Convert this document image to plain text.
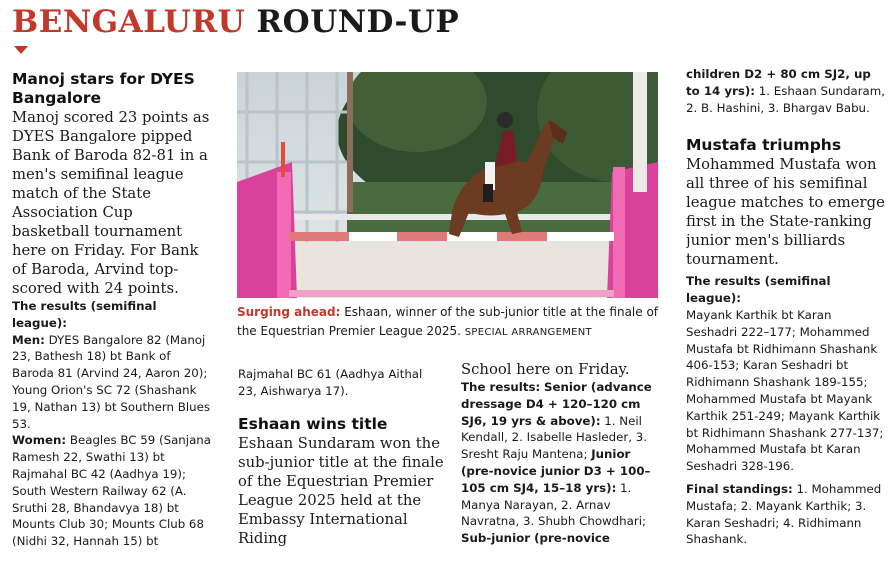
BENGALURU ROUND-UP
Manoj stars for DYES Bangalore
Manoj scored 23 points as DYES Bangalore pipped Bank of Baroda 82-81 in a men's semifinal league match of the State Association Cup basketball tournament here on Friday. For Bank of Baroda, Arvind top-scored with 24 points.
The results (semifinal league):
Men: DYES Bangalore 82 (Manoj 23, Bathesh 18) bt Bank of Baroda 81 (Arvind 24, Aaron 20); Young Orion's SC 72 (Shashank 19, Nathan 13) bt Southern Blues 53.
Women: Beagles BC 59 (Sanjana Ramesh 22, Swathi 13) bt Rajmahal BC 42 (Aadhya 19); South Western Railway 62 (A. Sruthi 28, Bhandavya 18) bt Mounts Club 30; Mounts Club 68 (Nidhi 32, Hannah 15) bt
Surging ahead: Eshaan, winner of the sub-junior title at the finale of the Equestrian Premier League 2025. SPECIAL ARRANGEMENT
Rajmahal BC 61 (Aadhya Aithal 23, Aishwarya 17).
Eshaan wins title
Eshaan Sundaram won the sub-junior title at the finale of the Equestrian Premier League 2025 held at the Embassy International Riding
School here on Friday.
The results: Senior (advance dressage D4 + 120–120 cm SJ6, 19 yrs & above): 1. Neil Kendall, 2. Isabelle Hasleder, 3. Sresht Raju Mantena; Junior (pre-novice junior D3 + 100–105 cm SJ4, 15–18 yrs): 1. Manya Narayan, 2. Arnav Navratna, 3. Shubh Chowdhari;
Sub-junior (pre-novice
children D2 + 80 cm SJ2, up to 14 yrs): 1. Eshaan Sundaram, 2. B. Hashini, 3. Bhargav Babu.
Mustafa triumphs
Mohammed Mustafa won all three of his semifinal league matches to emerge first in the State-ranking junior men's billiards tournament.
The results (semifinal league):
Mayank Karthik bt Karan Seshadri 222–177; Mohammed Mustafa bt Ridhimann Shashank 406-153; Karan Seshadri bt Ridhimann Shashank 189-155; Mohammed Mustafa bt Mayank Karthik 251-249; Mayank Karthik bt Ridhimann Shashank 277-137; Mohammed Mustafa bt Karan Seshadri 328-196.
Final standings: 1. Mohammed Mustafa; 2. Mayank Karthik; 3. Karan Seshadri; 4. Ridhimann Shashank.
